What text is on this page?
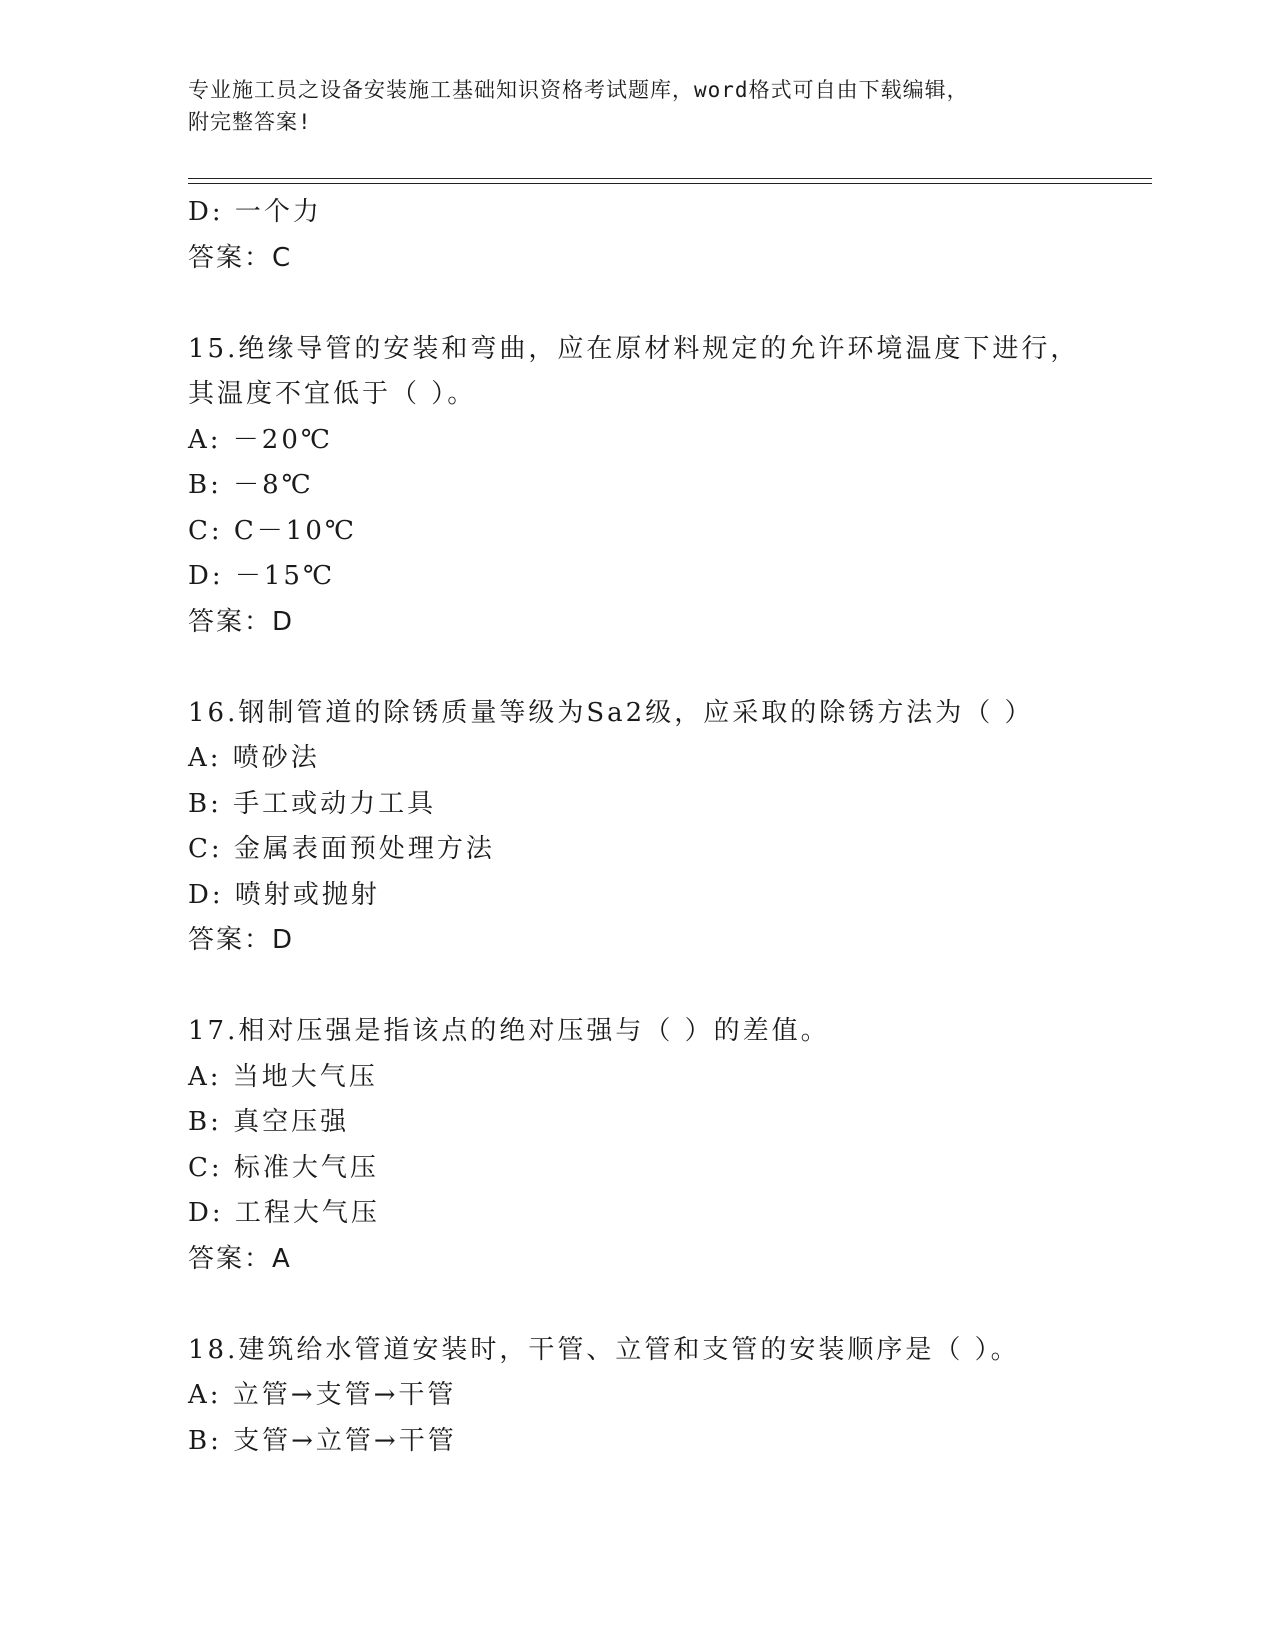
专业施工员之设备安装施工基础知识资格考试题库，word格式可自由下载编辑，
附完整答案!
D: 一个力
答案：C
15.绝缘导管的安装和弯曲，应在原材料规定的允许环境温度下进行，
其温度不宜低于（ ）。
A: －20℃
B: －8℃
C: C－10℃
D: －15℃
答案：D
16.钢制管道的除锈质量等级为Sa2级，应采取的除锈方法为（ ）
A: 喷砂法
B: 手工或动力工具
C: 金属表面预处理方法
D: 喷射或抛射
答案：D
17.相对压强是指该点的绝对压强与（ ）的差值。
A: 当地大气压
B: 真空压强
C: 标准大气压
D: 工程大气压
答案：A
18.建筑给水管道安装时，干管、立管和支管的安装顺序是（ ）。
A: 立管→支管→干管
B: 支管→立管→干管
